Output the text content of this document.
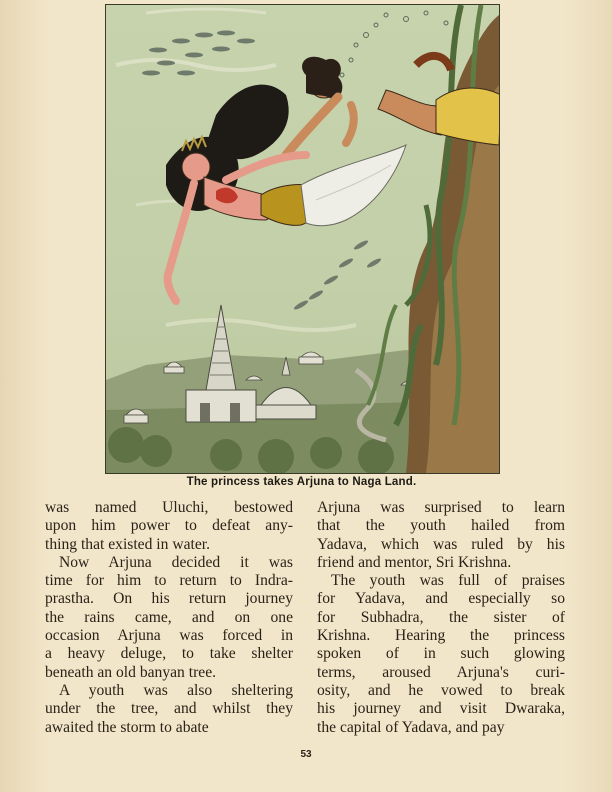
The princess takes Arjuna to Naga Land.
was named Uluchi, bestowed
upon him power to defeat any-
thing that existed in water.
Now Arjuna decided it was
time for him to return to Indra-
prastha. On his return journey
the rains came, and on one
occasion Arjuna was forced in
a heavy deluge, to take shelter
beneath an old banyan tree.
A youth was also sheltering
under the tree, and whilst they
awaited the storm to abate
Arjuna was surprised to learn
that the youth hailed from
Yadava, which was ruled by his
friend and mentor, Sri Krishna.
The youth was full of praises
for Yadava, and especially so
for Subhadra, the sister of
Krishna. Hearing the princess
spoken of in such glowing
terms, aroused Arjuna's curi-
osity, and he vowed to break
his journey and visit Dwaraka,
the capital of Yadava, and pay
53
